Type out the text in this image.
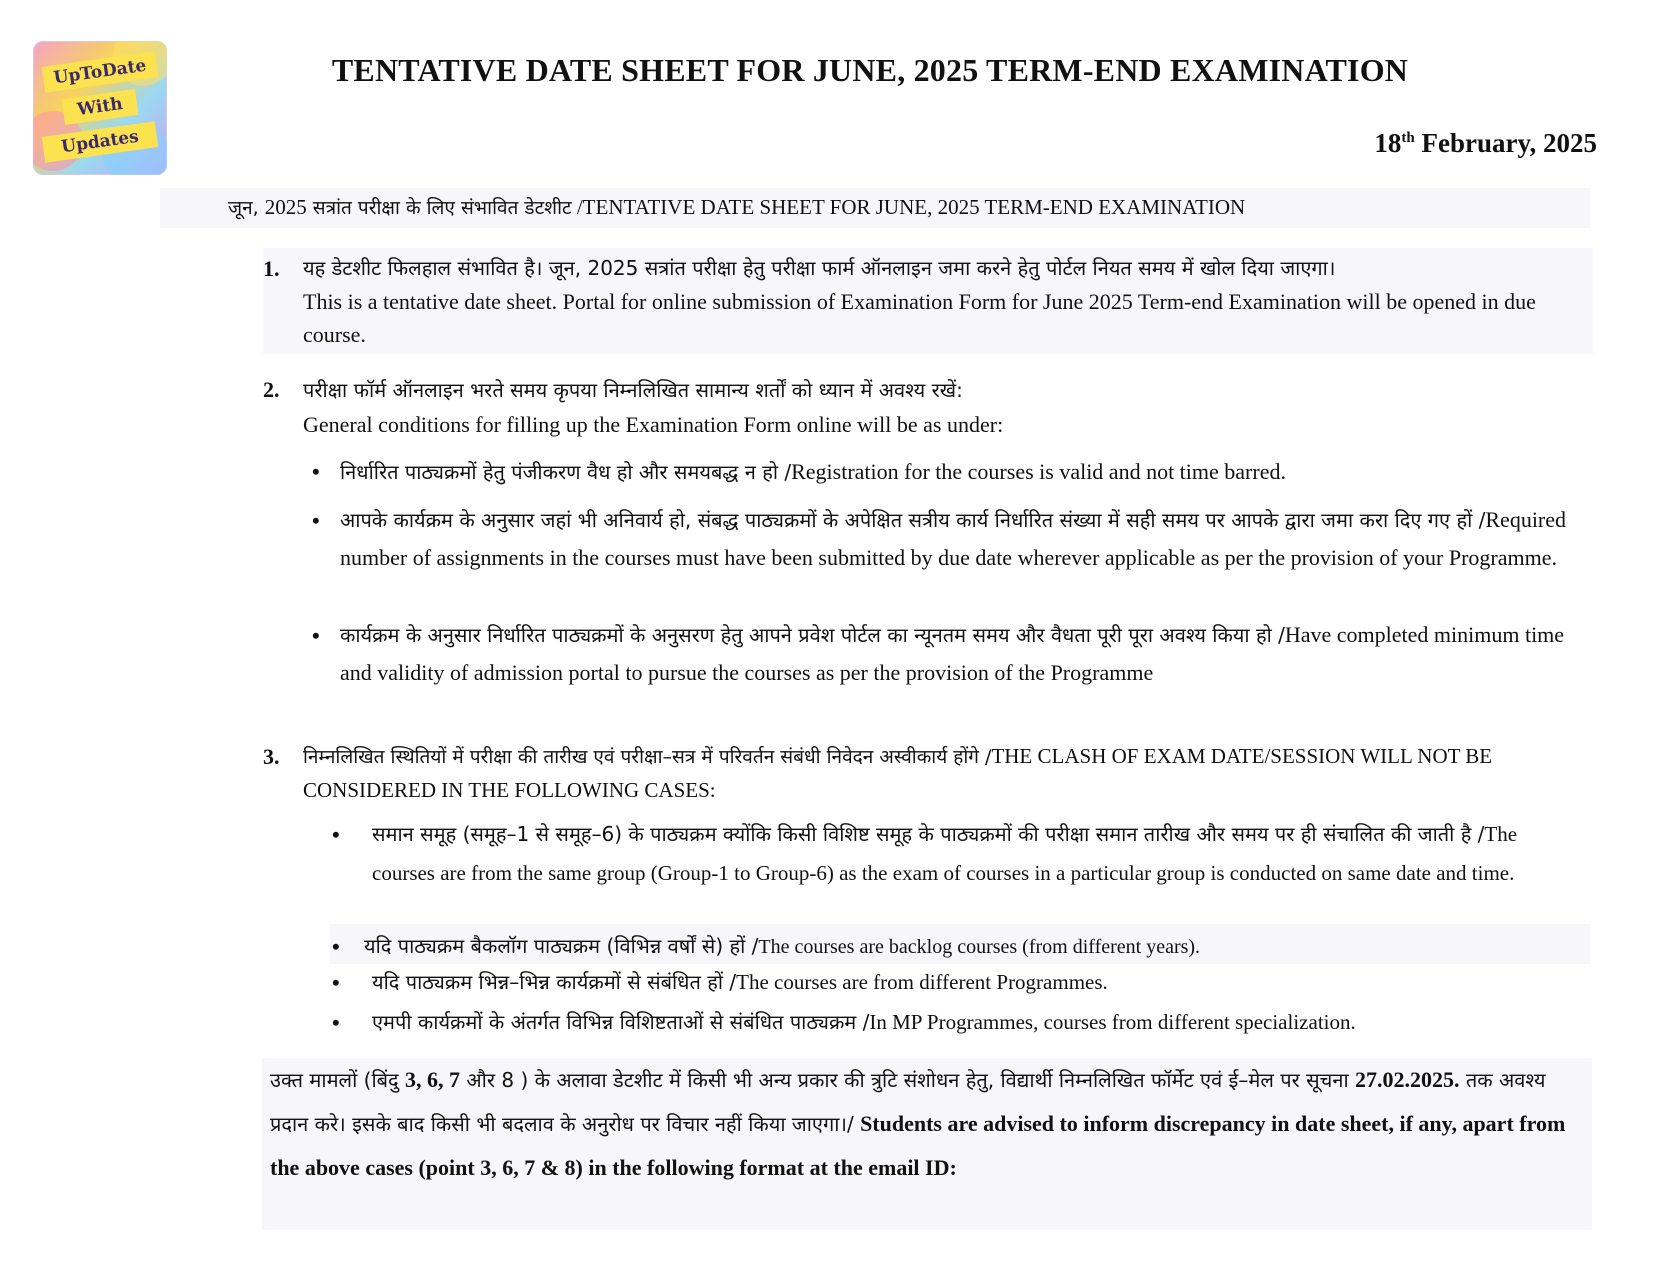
UpToDate
With
Updates
TENTATIVE DATE SHEET FOR JUNE, 2025 TERM-END EXAMINATION
18th February, 2025
जून, 2025 सत्रांत परीक्षा के लिए संभावित डेटशीट /TENTATIVE DATE SHEET FOR JUNE, 2025 TERM-END EXAMINATION
1. यह डेटशीट फिलहाल संभावित है। जून, 2025 सत्रांत परीक्षा हेतु परीक्षा फार्म ऑनलाइन जमा करने हेतु पोर्टल नियत समय में खोल दिया जाएगा।
This is a tentative date sheet. Portal for online submission of Examination Form for June 2025 Term-end Examination will be opened in due course.
2. परीक्षा फॉर्म ऑनलाइन भरते समय कृपया निम्नलिखित सामान्य शर्तों को ध्यान में अवश्य रखें:
General conditions for filling up the Examination Form online will be as under:
• निर्धारित पाठ्यक्रमों हेतु पंजीकरण वैध हो और समयबद्ध न हो /Registration for the courses is valid and not time barred.
• आपके कार्यक्रम के अनुसार जहां भी अनिवार्य हो, संबद्ध पाठ्यक्रमों के अपेक्षित सत्रीय कार्य निर्धारित संख्या में सही समय पर आपके द्वारा जमा करा दिए गए हों /Required number of assignments in the courses must have been submitted by due date wherever applicable as per the provision of your Programme.
• कार्यक्रम के अनुसार निर्धारित पाठ्यक्रमों के अनुसरण हेतु आपने प्रवेश पोर्टल का न्यूनतम समय और वैधता पूरी पूरा अवश्य किया हो /Have completed minimum time and validity of admission portal to pursue the courses as per the provision of the Programme
3. निम्नलिखित स्थितियों में परीक्षा की तारीख एवं परीक्षा–सत्र में परिवर्तन संबंधी निवेदन अस्वीकार्य होंगे /THE CLASH OF EXAM DATE/SESSION WILL NOT BE CONSIDERED IN THE FOLLOWING CASES:
• समान समूह (समूह–1 से समूह–6) के पाठ्यक्रम क्योंकि किसी विशिष्ट समूह के पाठ्यक्रमों की परीक्षा समान तारीख और समय पर ही संचालित की जाती है /The courses are from the same group (Group-1 to Group-6) as the exam of courses in a particular group is conducted on same date and time.
• यदि पाठ्यक्रम बैकलॉग पाठ्यक्रम (विभिन्न वर्षों से) हों /The courses are backlog courses (from different years).
• यदि पाठ्यक्रम भिन्न–भिन्न कार्यक्रमों से संबंधित हों /The courses are from different Programmes.
• एमपी कार्यक्रमों के अंतर्गत विभिन्न विशिष्टताओं से संबंधित पाठ्यक्रम /In MP Programmes, courses from different specialization.
उक्त मामलों (बिंदु 3, 6, 7 और 8 ) के अलावा डेटशीट में किसी भी अन्य प्रकार की त्रुटि संशोधन हेतु, विद्यार्थी निम्नलिखित फॉर्मेट एवं ई–मेल पर सूचना 27.02.2025. तक अवश्य प्रदान करे। इसके बाद किसी भी बदलाव के अनुरोध पर विचार नहीं किया जाएगा।/ Students are advised to inform discrepancy in date sheet, if any, apart from the above cases (point 3, 6, 7 & 8) in the following format at the email ID:
